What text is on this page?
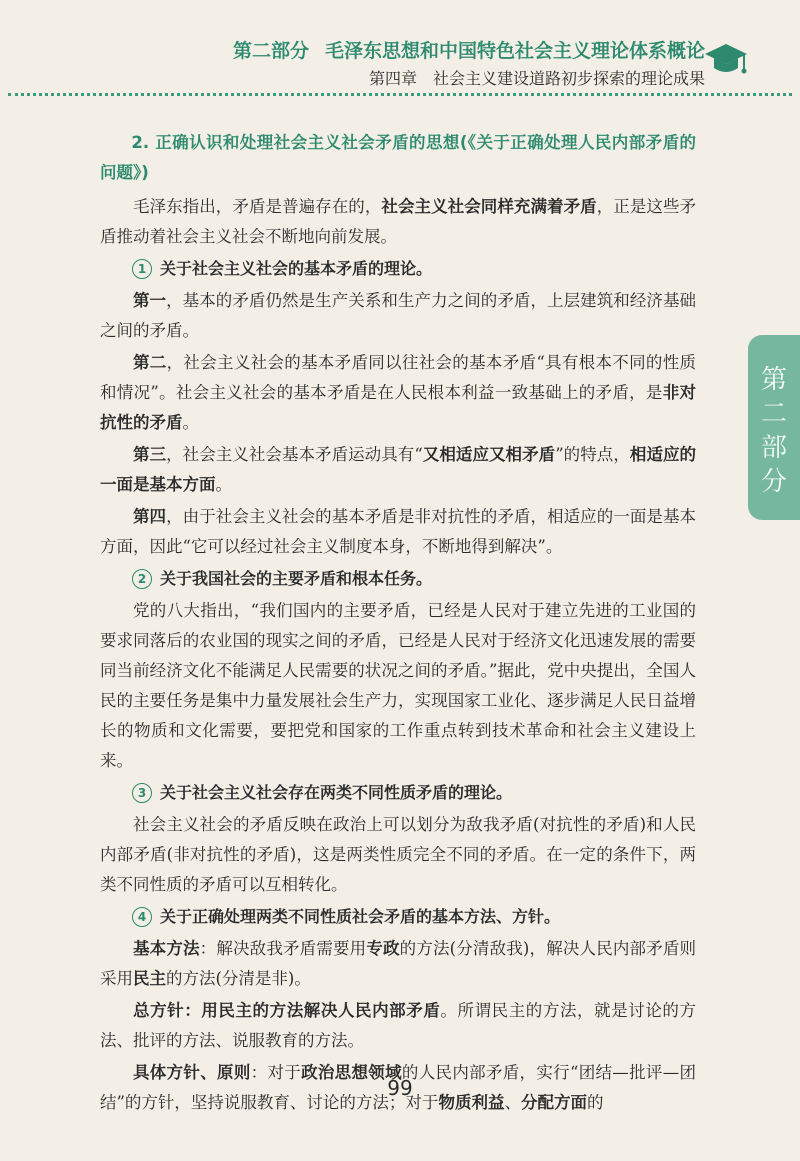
第二部分 毛泽东思想和中国特色社会主义理论体系概论
第四章 社会主义建设道路初步探索的理论成果
第
二
部
分

2. 正确认识和处理社会主义社会矛盾的思想(《关于正确处理人民内部矛盾的问题》)

毛泽东指出，矛盾是普遍存在的，社会主义社会同样充满着矛盾，正是这些矛盾推动着社会主义社会不断地向前发展。

1 关于社会主义社会的基本矛盾的理论。

第一，基本的矛盾仍然是生产关系和生产力之间的矛盾，上层建筑和经济基础之间的矛盾。

第二，社会主义社会的基本矛盾同以往社会的基本矛盾“具有根本不同的性质和情况”。社会主义社会的基本矛盾是在人民根本利益一致基础上的矛盾，是非对抗性的矛盾。

第三，社会主义社会基本矛盾运动具有“又相适应又相矛盾”的特点，相适应的一面是基本方面。

第四，由于社会主义社会的基本矛盾是非对抗性的矛盾，相适应的一面是基本方面，因此“它可以经过社会主义制度本身，不断地得到解决”。

2 关于我国社会的主要矛盾和根本任务。

党的八大指出，“我们国内的主要矛盾，已经是人民对于建立先进的工业国的要求同落后的农业国的现实之间的矛盾，已经是人民对于经济文化迅速发展的需要同当前经济文化不能满足人民需要的状况之间的矛盾。”据此，党中央提出，全国人民的主要任务是集中力量发展社会生产力，实现国家工业化、逐步满足人民日益增长的物质和文化需要，要把党和国家的工作重点转到技术革命和社会主义建设上来。

3 关于社会主义社会存在两类不同性质矛盾的理论。

社会主义社会的矛盾反映在政治上可以划分为敌我矛盾(对抗性的矛盾)和人民内部矛盾(非对抗性的矛盾)，这是两类性质完全不同的矛盾。在一定的条件下，两类不同性质的矛盾可以互相转化。

4 关于正确处理两类不同性质社会矛盾的基本方法、方针。

基本方法：解决敌我矛盾需要用专政的方法(分清敌我)，解决人民内部矛盾则采用民主的方法(分清是非)。

总方针：用民主的方法解决人民内部矛盾。所谓民主的方法，就是讨论的方法、批评的方法、说服教育的方法。

具体方针、原则：对于政治思想领域的人民内部矛盾，实行“团结—批评—团结”的方针，坚持说服教育、讨论的方法；对于物质利益、分配方面的

99
